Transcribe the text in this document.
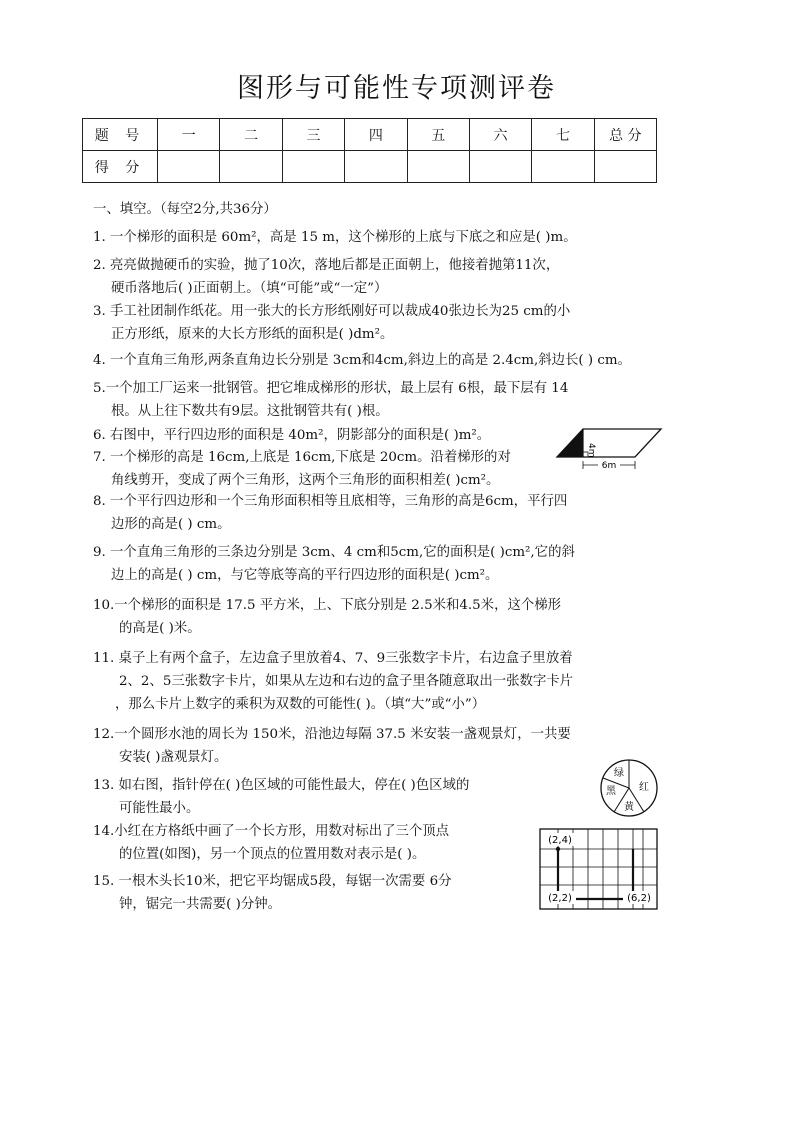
图形与可能性专项测评卷
题 号	一	二	三	四	五	六	七	总 分
得 分								
一、填空。（每空2分,共36分）
1. 一个梯形的面积是 60m²，高是 15 m，这个梯形的上底与下底之和应是( )m。
2. 亮亮做抛硬币的实验，抛了10次，落地后都是正面朝上，他接着抛第11次，
硬币落地后( )正面朝上。（填“可能”或“一定”）
3. 手工社团制作纸花。用一张大的长方形纸刚好可以裁成40张边长为25 cm的小
正方形纸，原来的大长方形纸的面积是( )dm²。
4. 一个直角三角形,两条直角边长分别是 3cm和4cm,斜边上的高是 2.4cm,斜边长( ) cm。
5.一个加工厂运来一批钢管。把它堆成梯形的形状，最上层有 6根，最下层有 14
根。从上往下数共有9层。这批钢管共有( )根。
6. 右图中，平行四边形的面积是 40m²，阴影部分的面积是( )m²。
7. 一个梯形的高是 16cm,上底是 16cm,下底是 20cm。沿着梯形的对
角线剪开，变成了两个三角形，这两个三角形的面积相差( )cm²。
8. 一个平行四边形和一个三角形面积相等且底相等，三角形的高是6cm，平行四
边形的高是( ) cm。
9. 一个直角三角形的三条边分别是 3cm、4 cm和5cm,它的面积是( )cm²,它的斜
边上的高是( ) cm，与它等底等高的平行四边形的面积是( )cm²。
10.一个梯形的面积是 17.5 平方米，上、下底分别是 2.5米和4.5米，这个梯形
的高是( )米。
11. 桌子上有两个盒子，左边盒子里放着4、7、9三张数字卡片，右边盒子里放着
2、2、5三张数字卡片，如果从左边和右边的盒子里各随意取出一张数字卡片
，那么卡片上数字的乘积为双数的可能性( )。（填“大”或“小”）
12.一个圆形水池的周长为 150米，沿池边每隔 37.5 米安装一盏观景灯，一共要
安装( )盏观景灯。
13. 如右图，指针停在( )色区域的可能性最大，停在( )色区域的
可能性最小。
14.小红在方格纸中画了一个长方形，用数对标出了三个顶点
的位置(如图)，另一个顶点的位置用数对表示是( )。
15. 一根木头长10米，把它平均锯成5段，每锯一次需要 6分
钟，锯完一共需要( )分钟。
4m
6m
绿
红
黑
黄
(2,4)
(2,2)	(6,2)
